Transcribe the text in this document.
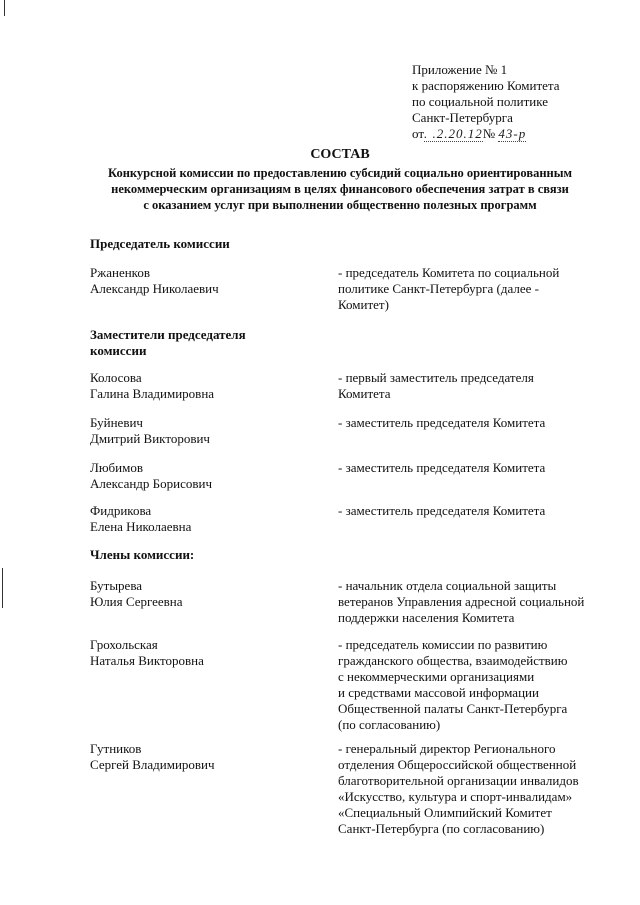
Приложение № 1
к распоряжению Комитета
по социальной политике
Санкт-Петербурга
от. .2.20.12№ 43-р
СОСТАВ
Конкурсной комиссии по предоставлению субсидий социально ориентированным
некоммерческим организациям в целях финансового обеспечения затрат в связи
с оказанием услуг при выполнении общественно полезных программ
Председатель комиссии
Ржаненков
Александр Николаевич
- председатель Комитета по социальной
политике Санкт-Петербурга (далее -
Комитет)
Заместители председателя
комиссии
Колосова
Галина Владимировна
- первый заместитель председателя
Комитета
Буйневич
Дмитрий Викторович
- заместитель председателя Комитета
Любимов
Александр Борисович
- заместитель председателя Комитета
Фидрикова
Елена Николаевна
- заместитель председателя Комитета
Члены комиссии:
Бутырева
Юлия Сергеевна
- начальник отдела социальной защиты
ветеранов Управления адресной социальной
поддержки населения Комитета
Грохольская
Наталья Викторовна
- председатель комиссии по развитию
гражданского общества, взаимодействию
с некоммерческими организациями
и средствами массовой информации
Общественной палаты Санкт-Петербурга
(по согласованию)
Гутников
Сергей Владимирович
- генеральный директор Регионального
отделения Общероссийской общественной
благотворительной организации инвалидов
«Искусство, культура и спорт-инвалидам»
«Специальный Олимпийский Комитет
Санкт-Петербурга (по согласованию)
